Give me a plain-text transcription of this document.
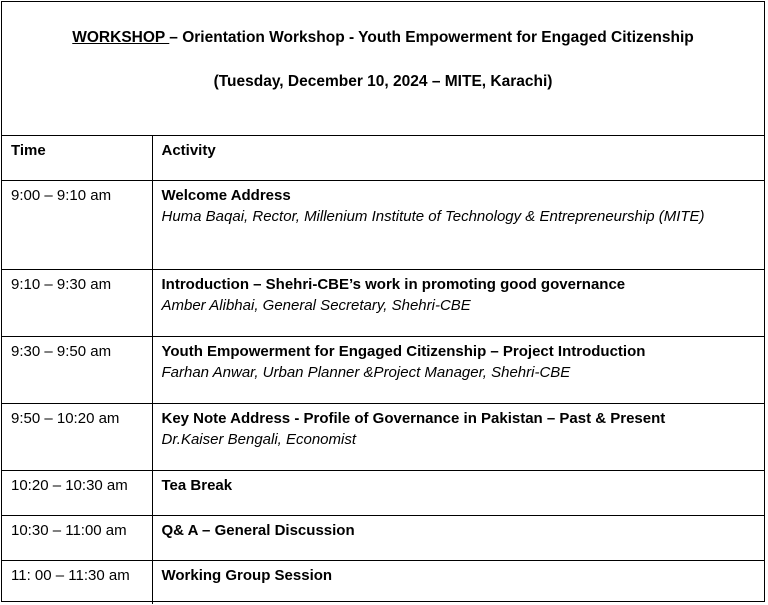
WORKSHOP – Orientation Workshop - Youth Empowerment for Engaged Citizenship
(Tuesday, December 10, 2024 – MITE, Karachi)
Time	Activity
9:00 – 9:10 am	Welcome Address
Huma Baqai, Rector, Millenium Institute of Technology & Entrepreneurship (MITE)

9:10 – 9:30 am	Introduction – Shehri-CBE’s work in promoting good governance
Amber Alibhai, General Secretary, Shehri-CBE

9:30 – 9:50 am	Youth Empowerment for Engaged Citizenship – Project Introduction
Farhan Anwar, Urban Planner &Project Manager, Shehri-CBE

9:50 – 10:20 am	Key Note Address - Profile of Governance in Pakistan – Past & Present
Dr.Kaiser Bengali, Economist

10:20 – 10:30 am	Tea Break

10:30 – 11:00 am	Q& A – General Discussion

11: 00 – 11:30 am	Working Group Session
